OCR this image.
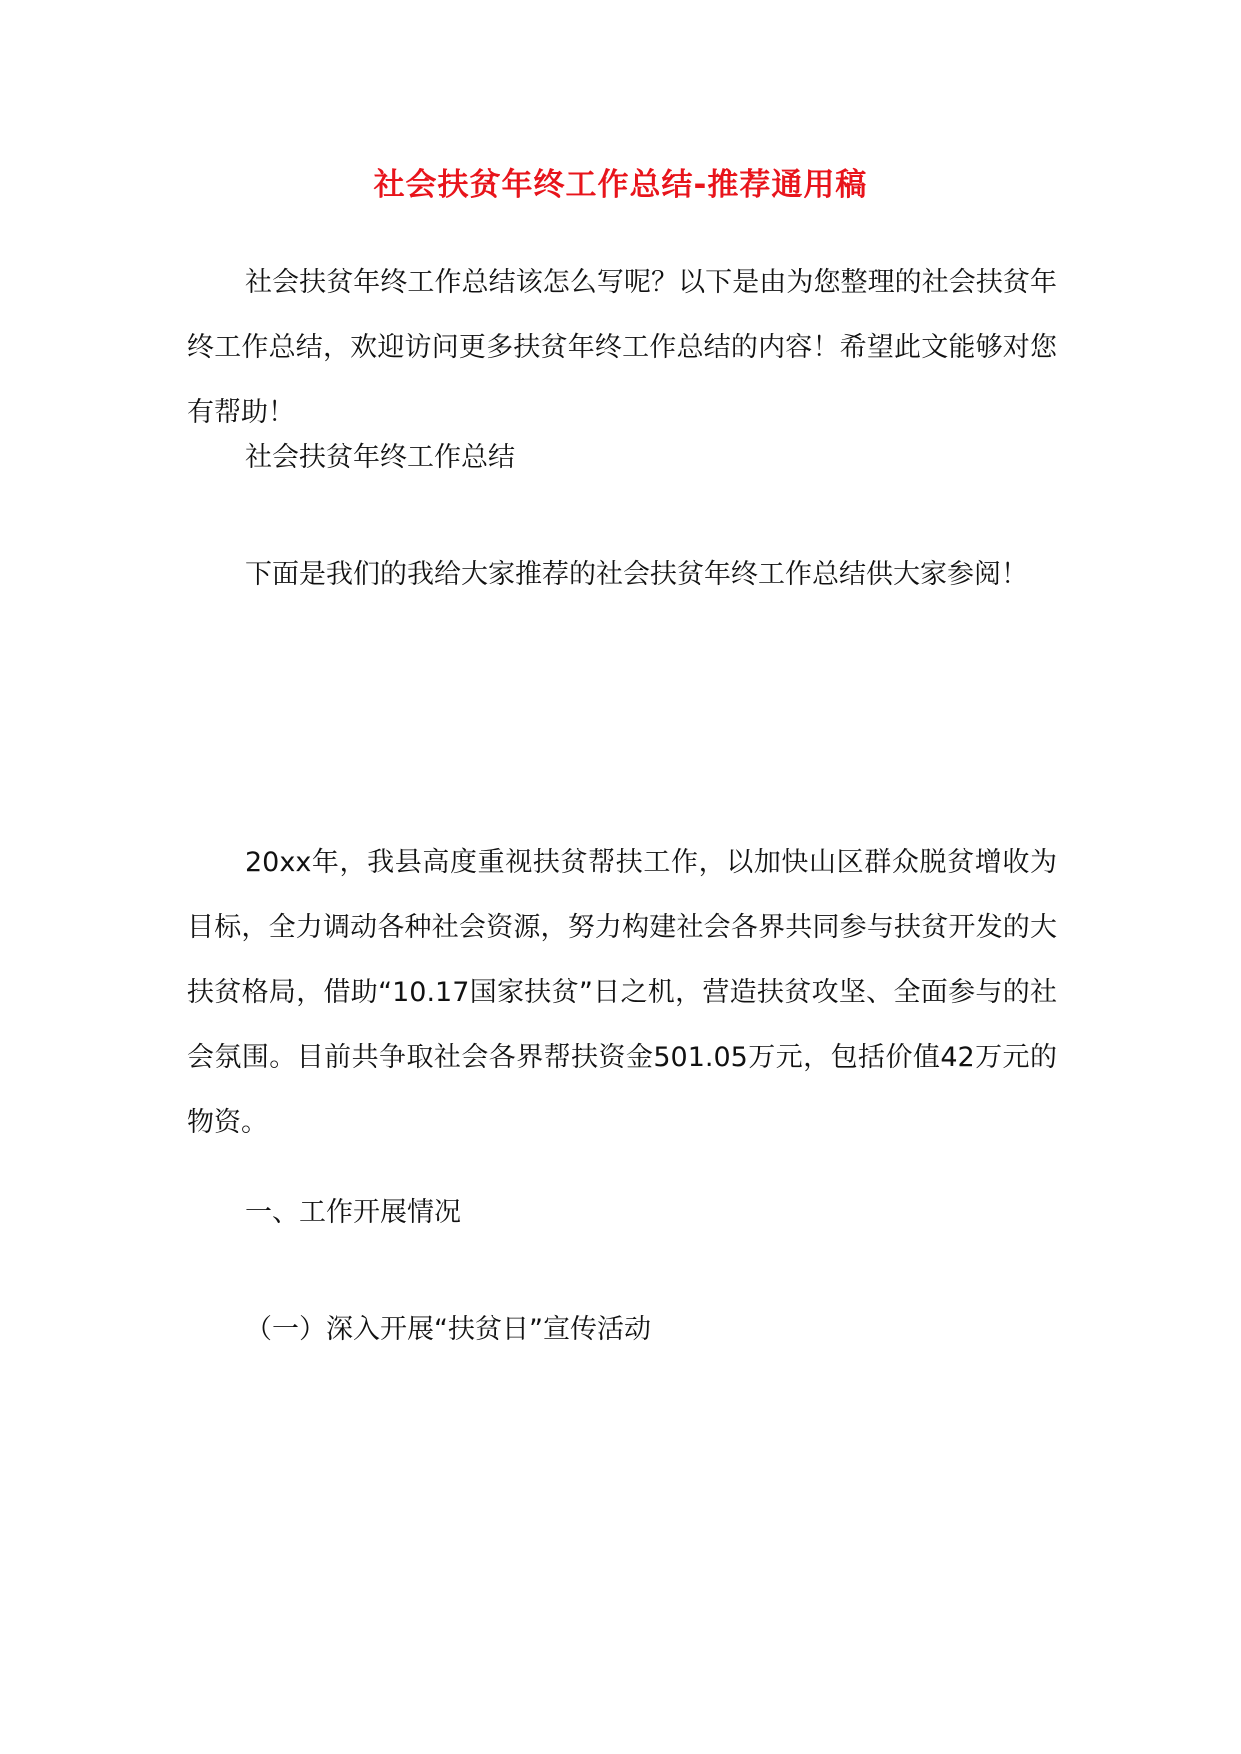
社会扶贫年终工作总结-推荐通用稿

社会扶贫年终工作总结该怎么写呢？以下是由为您整理的社会扶贫年终工作总结，欢迎访问更多扶贫年终工作总结的内容！希望此文能够对您有帮助！

社会扶贫年终工作总结

下面是我们的我给大家推荐的社会扶贫年终工作总结供大家参阅！

20xx年，我县高度重视扶贫帮扶工作，以加快山区群众脱贫增收为目标，全力调动各种社会资源，努力构建社会各界共同参与扶贫开发的大扶贫格局，借助“10.17国家扶贫”日之机，营造扶贫攻坚、全面参与的社会氛围。目前共争取社会各界帮扶资金501.05万元，包括价值42万元的物资。

一、工作开展情况

（一）深入开展“扶贫日”宣传活动
